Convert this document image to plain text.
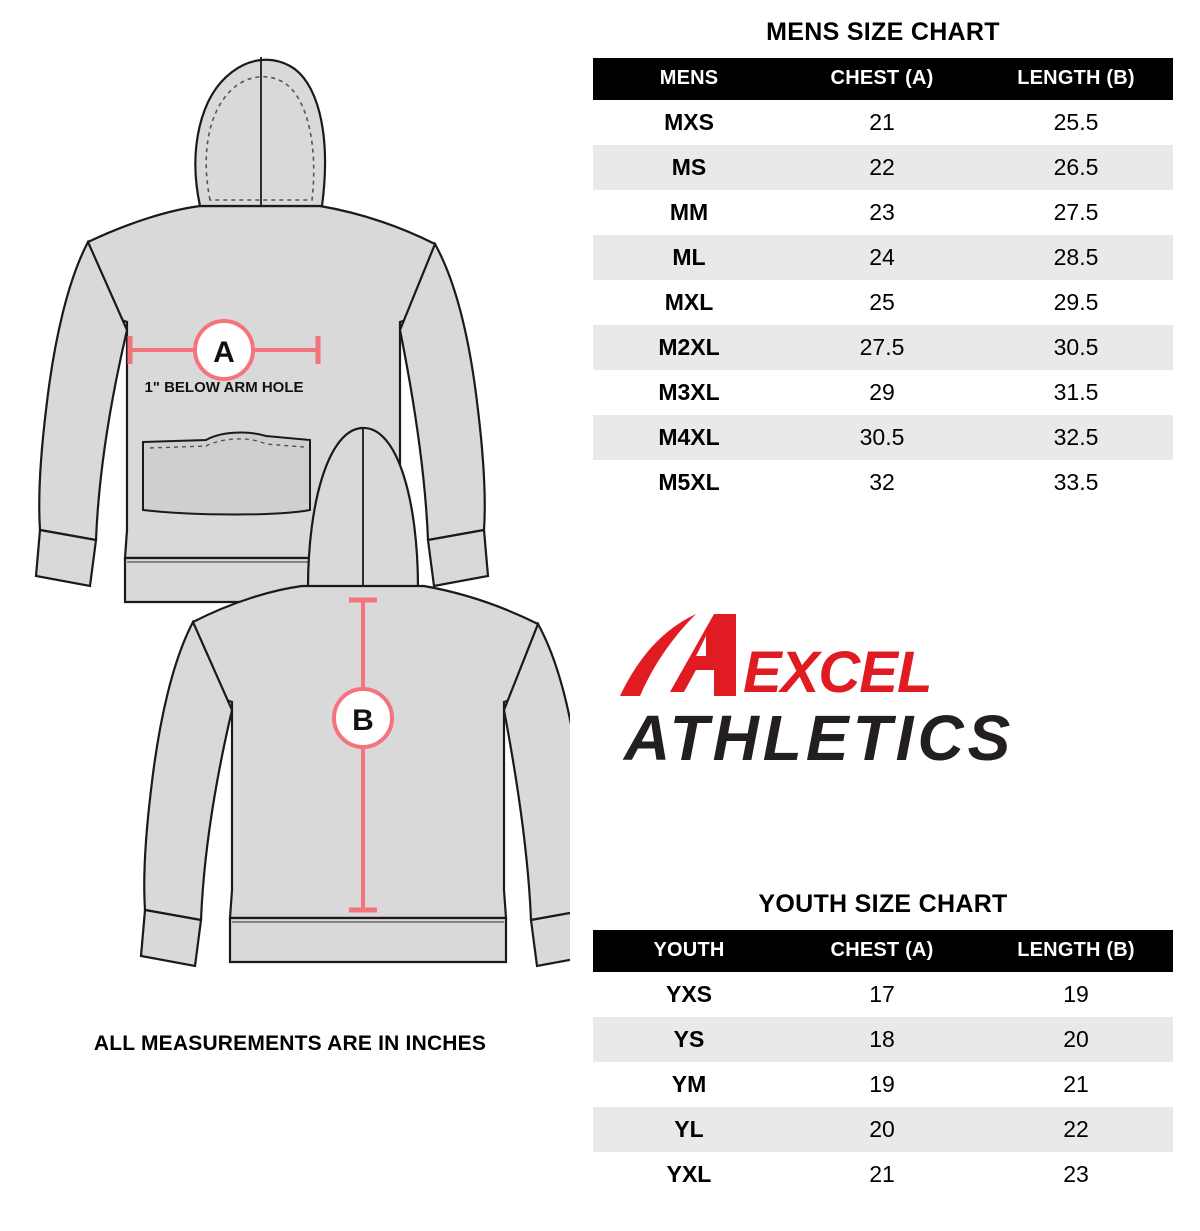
A
1" BELOW ARM HOLE
B
ALL MEASUREMENTS ARE IN INCHES
MENS SIZE CHART
MENS	CHEST (A)	LENGTH (B)
MXS	21	25.5
MS	22	26.5
MM	23	27.5
ML	24	28.5
MXL	25	29.5
M2XL	27.5	30.5
M3XL	29	31.5
M4XL	30.5	32.5
M5XL	32	33.5
EXCEL
ATHLETICS
YOUTH SIZE CHART
YOUTH	CHEST (A)	LENGTH (B)
YXS	17	19
YS	18	20
YM	19	21
YL	20	22
YXL	21	23
